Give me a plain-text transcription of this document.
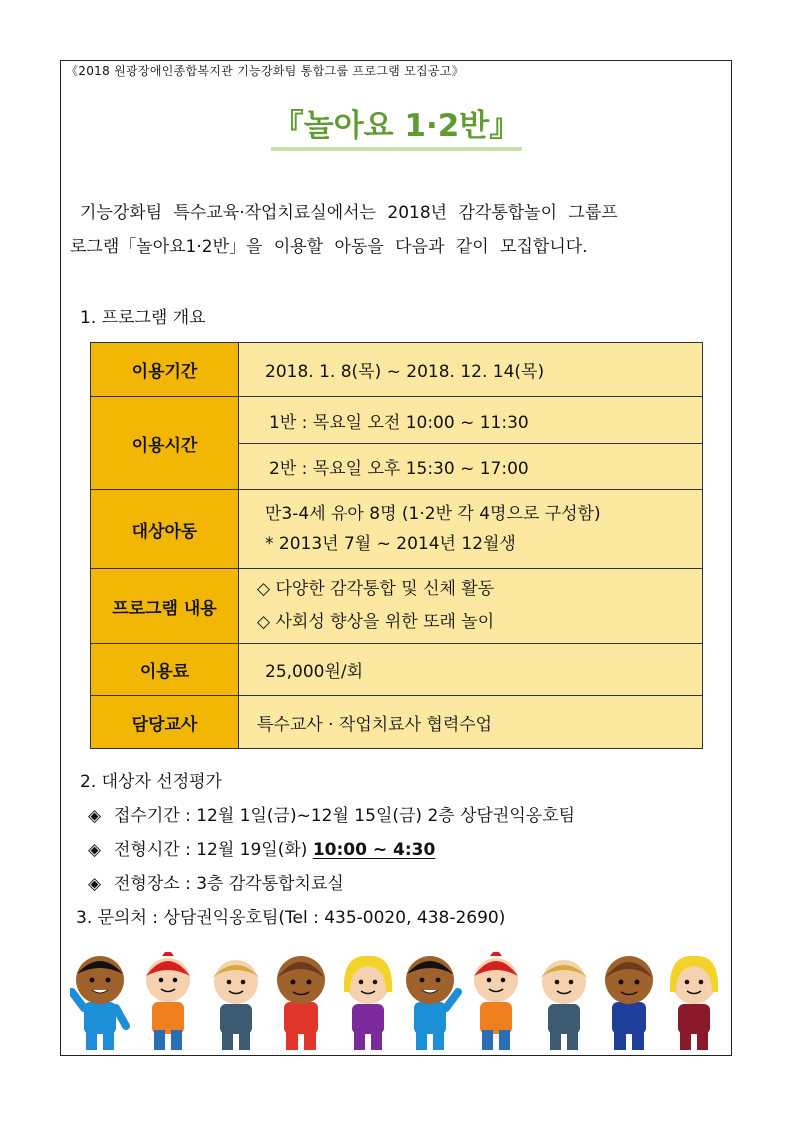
《2018 원광장애인종합복지관 기능강화팀 통합그룹 프로그램 모집공고》
『놀아요 1·2반』
기능강화팀 특수교육·작업치료실에서는 2018년 감각통합놀이 그룹프
로그램「놀아요1·2반」을 이용할 아동을 다음과 같이 모집합니다.
1. 프로그램 개요
이용기간	2018. 1. 8(목) ~ 2018. 12. 14(목)
이용시간	1반 : 목요일 오전 10:00 ~ 11:30
	2반 : 목요일 오후 15:30 ~ 17:00
대상아동	만3-4세 유아 8명 (1·2반 각 4명으로 구성함)
* 2013년 7월 ~ 2014년 12월생

프로그램 내용	◇ 다양한 감각통합 및 신체 활동
◇ 사회성 향상을 위한 또래 놀이

이용료	25,000원/회
담당교사	특수교사 · 작업치료사 협력수업
2. 대상자 선정평가
◈ 접수기간 : 12월 1일(금)~12월 15일(금) 2층 상담권익옹호팀
◈ 전형시간 : 12월 19일(화) 10:00 ~ 4:30
◈ 전형장소 : 3층 감각통합치료실
3. 문의처 : 상담권익옹호팀(Tel : 435-0020, 438-2690)
